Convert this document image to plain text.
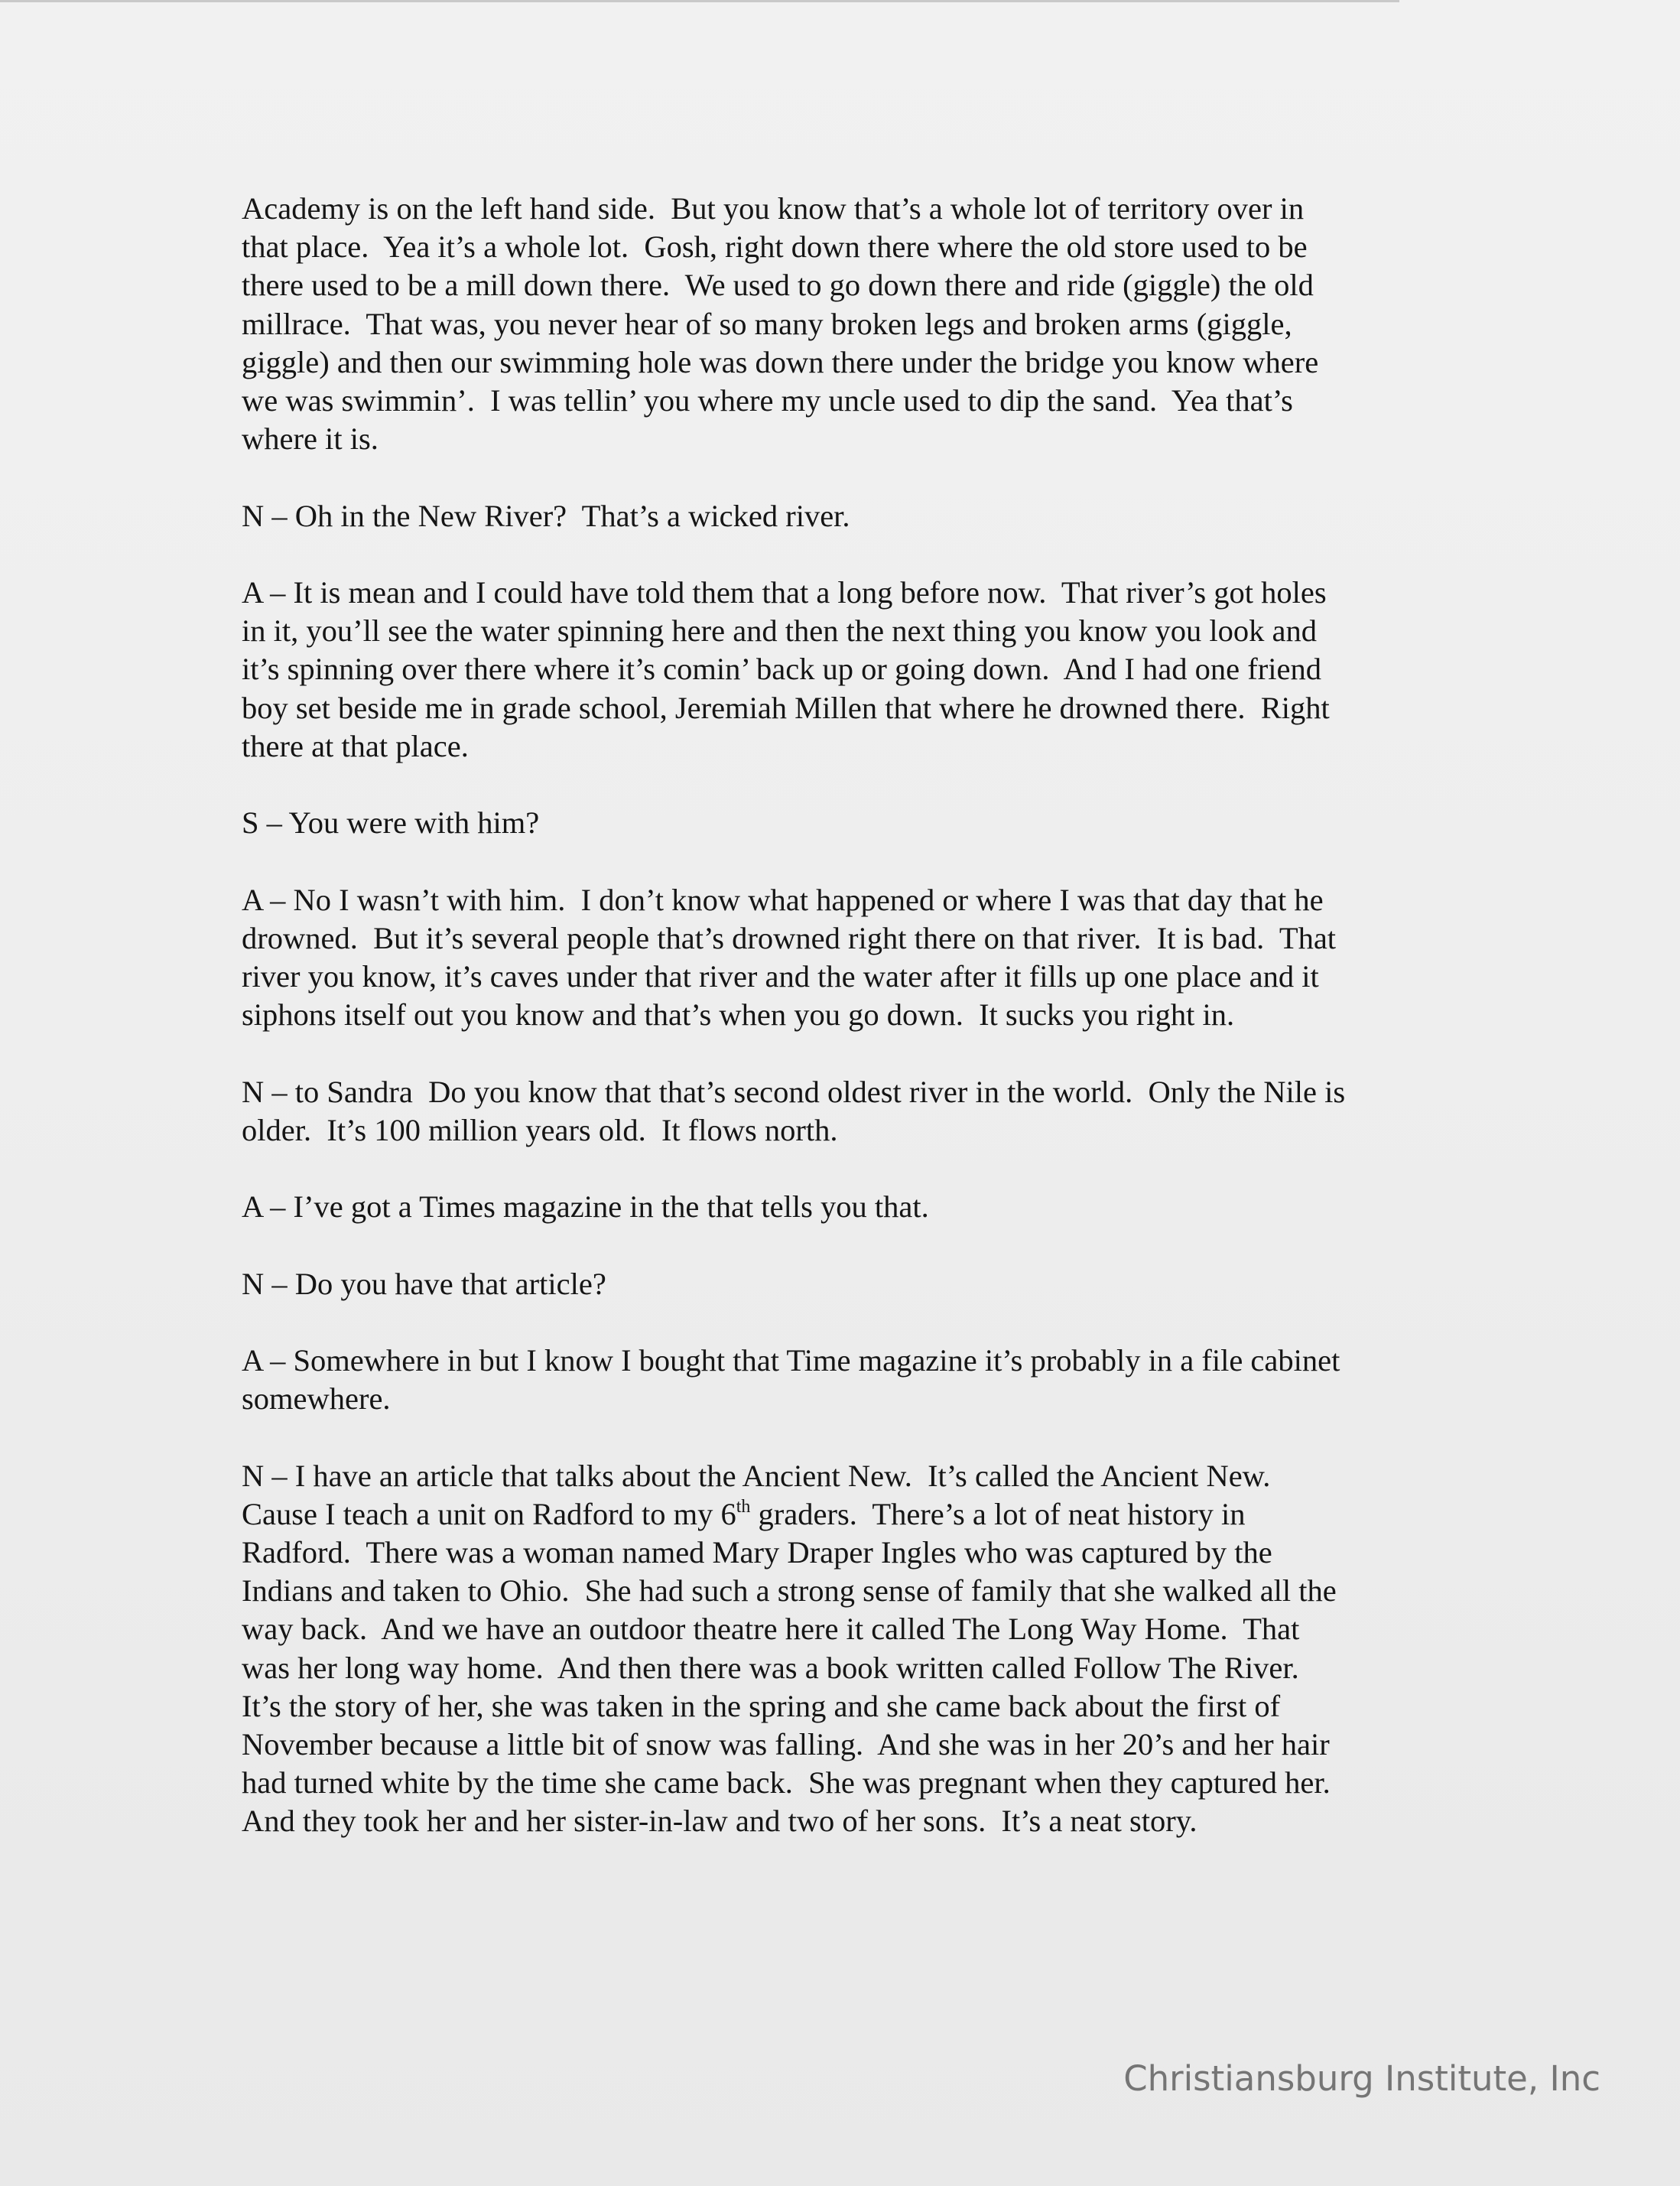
Academy is on the left hand side.  But you know that’s a whole lot of territory over in
that place.  Yea it’s a whole lot.  Gosh, right down there where the old store used to be
there used to be a mill down there.  We used to go down there and ride (giggle) the old
millrace.  That was, you never hear of so many broken legs and broken arms (giggle,
giggle) and then our swimming hole was down there under the bridge you know where
we was swimmin’.  I was tellin’ you where my uncle used to dip the sand.  Yea that’s
where it is.
N – Oh in the New River?  That’s a wicked river.
A – It is mean and I could have told them that a long before now.  That river’s got holes
in it, you’ll see the water spinning here and then the next thing you know you look and
it’s spinning over there where it’s comin’ back up or going down.  And I had one friend
boy set beside me in grade school, Jeremiah Millen that where he drowned there.  Right
there at that place.
S – You were with him?
A – No I wasn’t with him.  I don’t know what happened or where I was that day that he
drowned.  But it’s several people that’s drowned right there on that river.  It is bad.  That
river you know, it’s caves under that river and the water after it fills up one place and it
siphons itself out you know and that’s when you go down.  It sucks you right in.
N – to Sandra  Do you know that that’s second oldest river in the world.  Only the Nile is
older.  It’s 100 million years old.  It flows north.
A – I’ve got a Times magazine in the that tells you that.
N – Do you have that article?
A – Somewhere in but I know I bought that Time magazine it’s probably in a file cabinet
somewhere.
N – I have an article that talks about the Ancient New.  It’s called the Ancient New.
Cause I teach a unit on Radford to my 6th graders.  There’s a lot of neat history in
Radford.  There was a woman named Mary Draper Ingles who was captured by the
Indians and taken to Ohio.  She had such a strong sense of family that she walked all the
way back.  And we have an outdoor theatre here it called The Long Way Home.  That
was her long way home.  And then there was a book written called Follow The River.
It’s the story of her, she was taken in the spring and she came back about the first of
November because a little bit of snow was falling.  And she was in her 20’s and her hair
had turned white by the time she came back.  She was pregnant when they captured her.
And they took her and her sister-in-law and two of her sons.  It’s a neat story.
Christiansburg Institute, Inc
